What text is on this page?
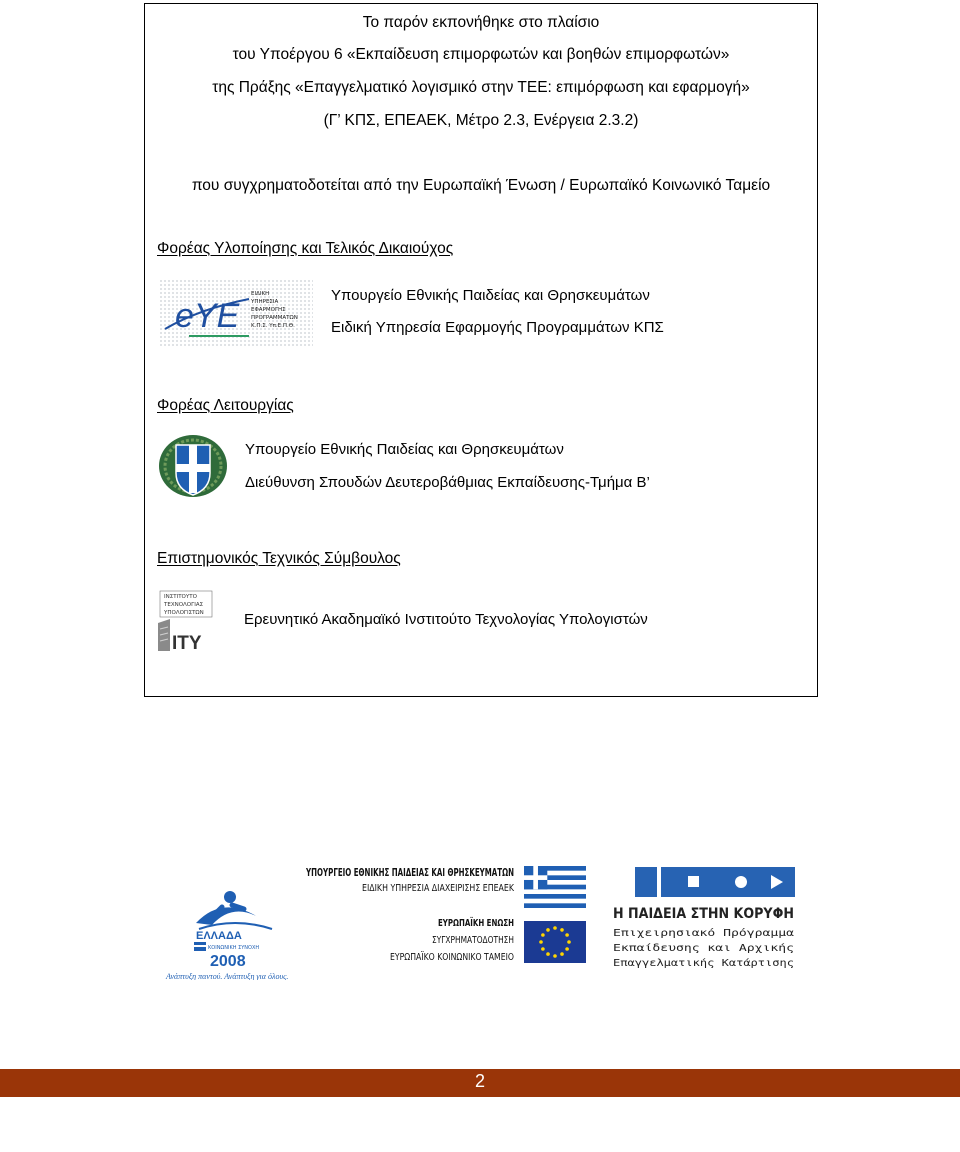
Το παρόν εκπονήθηκε στο πλαίσιο
του Υποέργου 6 «Εκπαίδευση επιμορφωτών και βοηθών επιμορφωτών»
της Πράξης «Επαγγελματικό λογισμικό στην ΤΕΕ: επιμόρφωση και εφαρμογή»
(Γ’ ΚΠΣ, ΕΠΕΑΕΚ, Μέτρο 2.3, Ενέργεια 2.3.2)
που συγχρηματοδοτείται από την Ευρωπαϊκή Ένωση / Ευρωπαϊκό Κοινωνικό Ταμείο
Φορέας Υλοποίησης και Τελικός Δικαιούχος
eYE
ΕΙΔΙΚΗ
ΥΠΗΡΕΣΙΑ
ΕΦΑΡΜΟΓΗΣ
ΠΡΟΓΡΑΜΜΑΤΩΝ
Κ.Π.Σ. Υπ.Ε.Π.Θ.
Υπουργείο Εθνικής Παιδείας και Θρησκευμάτων
Ειδική Υπηρεσία Εφαρμογής Προγραμμάτων ΚΠΣ
Φορέας Λειτουργίας
Υπουργείο Εθνικής Παιδείας και Θρησκευμάτων
Διεύθυνση Σπουδών Δευτεροβάθμιας Εκπαίδευσης-Τμήμα Β’
Επιστημονικός Τεχνικός Σύμβουλος
ΙΝΣΤΙΤΟΥΤΟ
ΤΕΧΝΟΛΟΓΙΑΣ
ΥΠΟΛΟΓΙΣΤΩΝ
ITY
Ερευνητικό Ακαδημαϊκό Ινστιτούτο Τεχνολογίας Υπολογιστών
ΕΛΛΑΔΑ
ΚΟΙΝΩΝΙΚΗ ΣΥΝΟΧΗ
2008
Ανάπτυξη παντού. Ανάπτυξη για όλους.
ΥΠΟΥΡΓΕΙΟ ΕΘΝΙΚΗΣ ΠΑΙΔΕΙΑΣ ΚΑΙ ΘΡΗΣΚΕΥΜΑΤΩΝ
ΕΙΔΙΚΗ ΥΠΗΡΕΣΙΑ ΔΙΑΧΕΙΡΙΣΗΣ ΕΠΕΑΕΚ
ΕΥΡΩΠΑΪΚΗ ΕΝΩΣΗ
ΣΥΓΧΡΗΜΑΤΟΔΟΤΗΣΗ
ΕΥΡΩΠΑΪΚΟ ΚΟΙΝΩΝΙΚΟ ΤΑΜΕΙΟ
Η ΠΑΙΔΕΙΑ ΣΤΗΝ ΚΟΡΥΦΗ
Επιχειρησιακό Πρόγραμμα
Εκπαίδευσης και Αρχικής
Επαγγελματικής Κατάρτισης
2
